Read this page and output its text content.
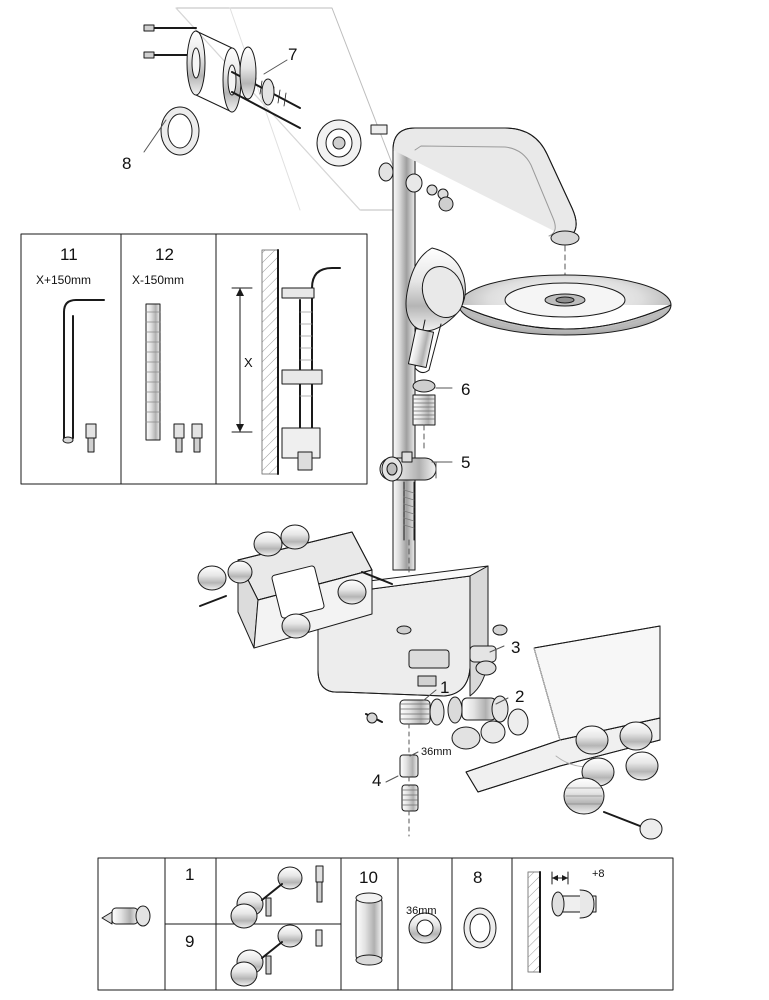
7
8
6
5
3
1	2
4
36mm
36mm
+8
X
11
X+150mm
12
X-150mm
1
9
10	8
